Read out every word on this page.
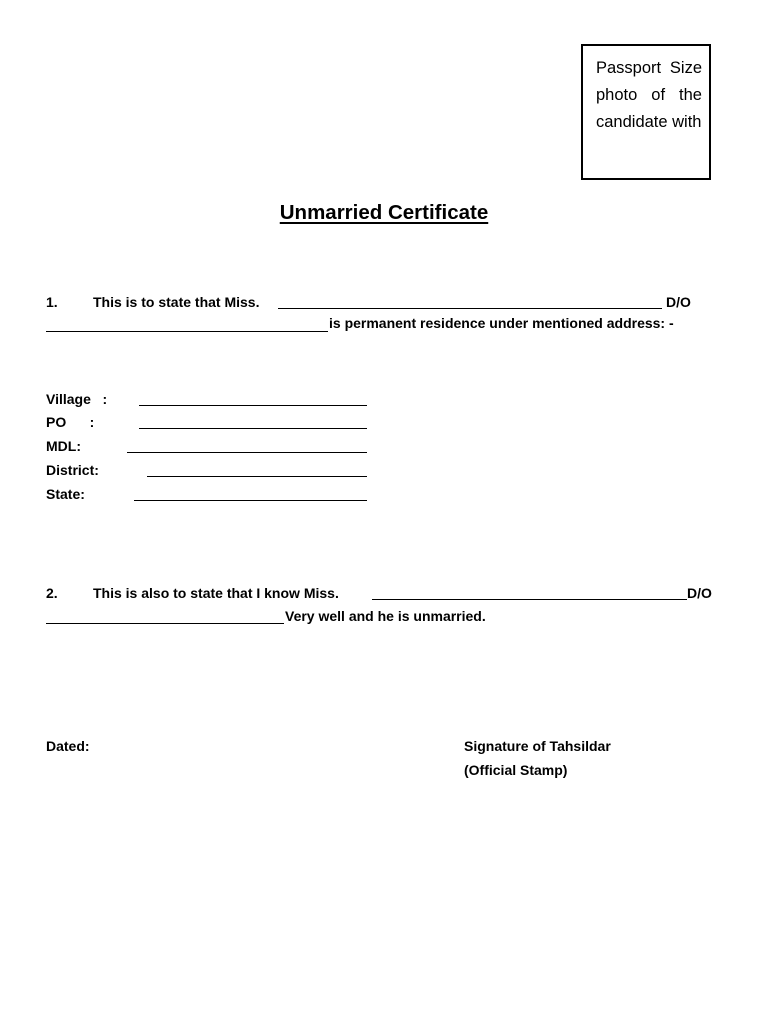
Passport Size photo of the candidate with
Unmarried Certificate
1.	This is to state that Miss.	D/O
is permanent residence under mentioned address: -
Village   :
PO      :
MDL:
District:
State:
2.	This is also to state that I know Miss.	D/O
Very well and he is unmarried.
Dated:	Signature of Tahsildar
(Official Stamp)
